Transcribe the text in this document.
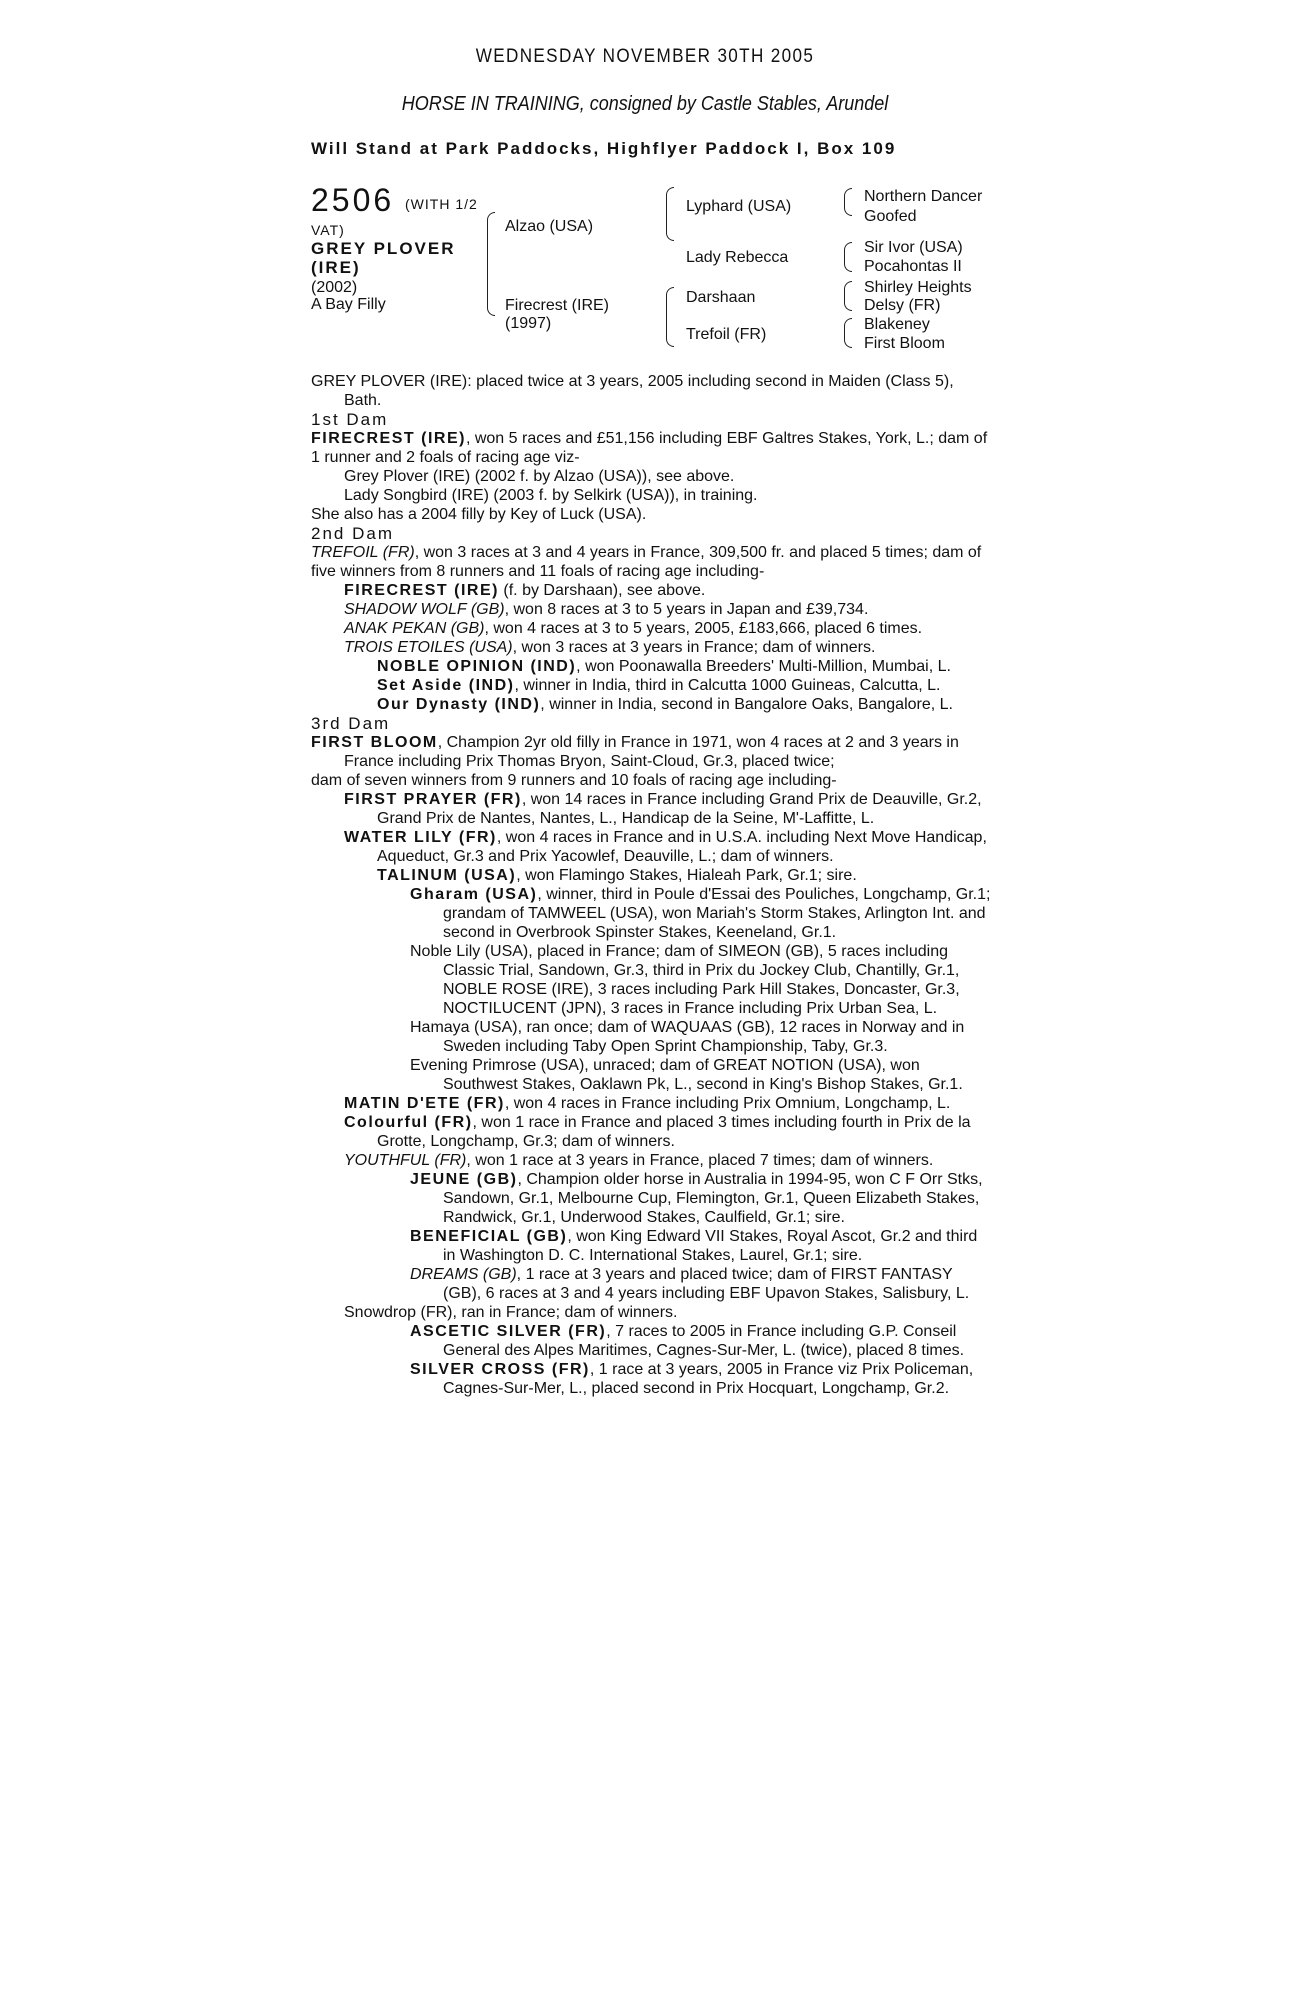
WEDNESDAY NOVEMBER 30TH 2005
HORSE IN TRAINING, consigned by Castle Stables, Arundel
Will Stand at Park Paddocks, Highflyer Paddock I, Box 109
2506 (WITH 1/2
VAT)
GREY PLOVER
(IRE)
(2002)
A Bay Filly
Alzao (USA)
Firecrest (IRE)
(1997)
Lyphard (USA)
Lady Rebecca
Darshaan
Trefoil (FR)
Northern Dancer
Goofed
Sir Ivor (USA)
Pocahontas II
Shirley Heights
Delsy (FR)
Blakeney
First Bloom

GREY PLOVER (IRE): placed twice at 3 years, 2005 including second in Maiden (Class 5), Bath.

1st Dam

FIRECREST (IRE), won 5 races and £51,156 including EBF Galtres Stakes, York, L.; dam of 1 runner and 2 foals of racing age viz-

Grey Plover (IRE) (2002 f. by Alzao (USA)), see above.

Lady Songbird (IRE) (2003 f. by Selkirk (USA)), in training.

She also has a 2004 filly by Key of Luck (USA).

2nd Dam

TREFOIL (FR), won 3 races at 3 and 4 years in France, 309,500 fr. and placed 5 times; dam of five winners from 8 runners and 11 foals of racing age including-

FIRECREST (IRE) (f. by Darshaan), see above.

SHADOW WOLF (GB), won 8 races at 3 to 5 years in Japan and £39,734.

ANAK PEKAN (GB), won 4 races at 3 to 5 years, 2005, £183,666, placed 6 times.

TROIS ETOILES (USA), won 3 races at 3 years in France; dam of winners.

NOBLE OPINION (IND), won Poonawalla Breeders' Multi-Million, Mumbai, L.

Set Aside (IND), winner in India, third in Calcutta 1000 Guineas, Calcutta, L.

Our Dynasty (IND), winner in India, second in Bangalore Oaks, Bangalore, L.

3rd Dam

FIRST BLOOM, Champion 2yr old filly in France in 1971, won 4 races at 2 and 3 years in France including Prix Thomas Bryon, Saint-Cloud, Gr.3, placed twice;

dam of seven winners from 9 runners and 10 foals of racing age including-

FIRST PRAYER (FR), won 14 races in France including Grand Prix de Deauville, Gr.2, Grand Prix de Nantes, Nantes, L., Handicap de la Seine, M'-Laffitte, L.

WATER LILY (FR), won 4 races in France and in U.S.A. including Next Move Handicap, Aqueduct, Gr.3 and Prix Yacowlef, Deauville, L.; dam of winners.

TALINUM (USA), won Flamingo Stakes, Hialeah Park, Gr.1; sire.

Gharam (USA), winner, third in Poule d'Essai des Pouliches, Longchamp, Gr.1; grandam of TAMWEEL (USA), won Mariah's Storm Stakes, Arlington Int. and second in Overbrook Spinster Stakes, Keeneland, Gr.1.

Noble Lily (USA), placed in France; dam of SIMEON (GB), 5 races including Classic Trial, Sandown, Gr.3, third in Prix du Jockey Club, Chantilly, Gr.1, NOBLE ROSE (IRE), 3 races including Park Hill Stakes, Doncaster, Gr.3, NOCTILUCENT (JPN), 3 races in France including Prix Urban Sea, L.

Hamaya (USA), ran once; dam of WAQUAAS (GB), 12 races in Norway and in Sweden including Taby Open Sprint Championship, Taby, Gr.3.

Evening Primrose (USA), unraced; dam of GREAT NOTION (USA), won Southwest Stakes, Oaklawn Pk, L., second in King's Bishop Stakes, Gr.1.

MATIN D'ETE (FR), won 4 races in France including Prix Omnium, Longchamp, L.

Colourful (FR), won 1 race in France and placed 3 times including fourth in Prix de la Grotte, Longchamp, Gr.3; dam of winners.

YOUTHFUL (FR), won 1 race at 3 years in France, placed 7 times; dam of winners.

JEUNE (GB), Champion older horse in Australia in 1994-95, won C F Orr Stks, Sandown, Gr.1, Melbourne Cup, Flemington, Gr.1, Queen Elizabeth Stakes, Randwick, Gr.1, Underwood Stakes, Caulfield, Gr.1; sire.

BENEFICIAL (GB), won King Edward VII Stakes, Royal Ascot, Gr.2 and third in Washington D. C. International Stakes, Laurel, Gr.1; sire.

DREAMS (GB), 1 race at 3 years and placed twice; dam of FIRST FANTASY (GB), 6 races at 3 and 4 years including EBF Upavon Stakes, Salisbury, L.

Snowdrop (FR), ran in France; dam of winners.

ASCETIC SILVER (FR), 7 races to 2005 in France including G.P. Conseil General des Alpes Maritimes, Cagnes-Sur-Mer, L. (twice), placed 8 times.

SILVER CROSS (FR), 1 race at 3 years, 2005 in France viz Prix Policeman, Cagnes-Sur-Mer, L., placed second in Prix Hocquart, Longchamp, Gr.2.
